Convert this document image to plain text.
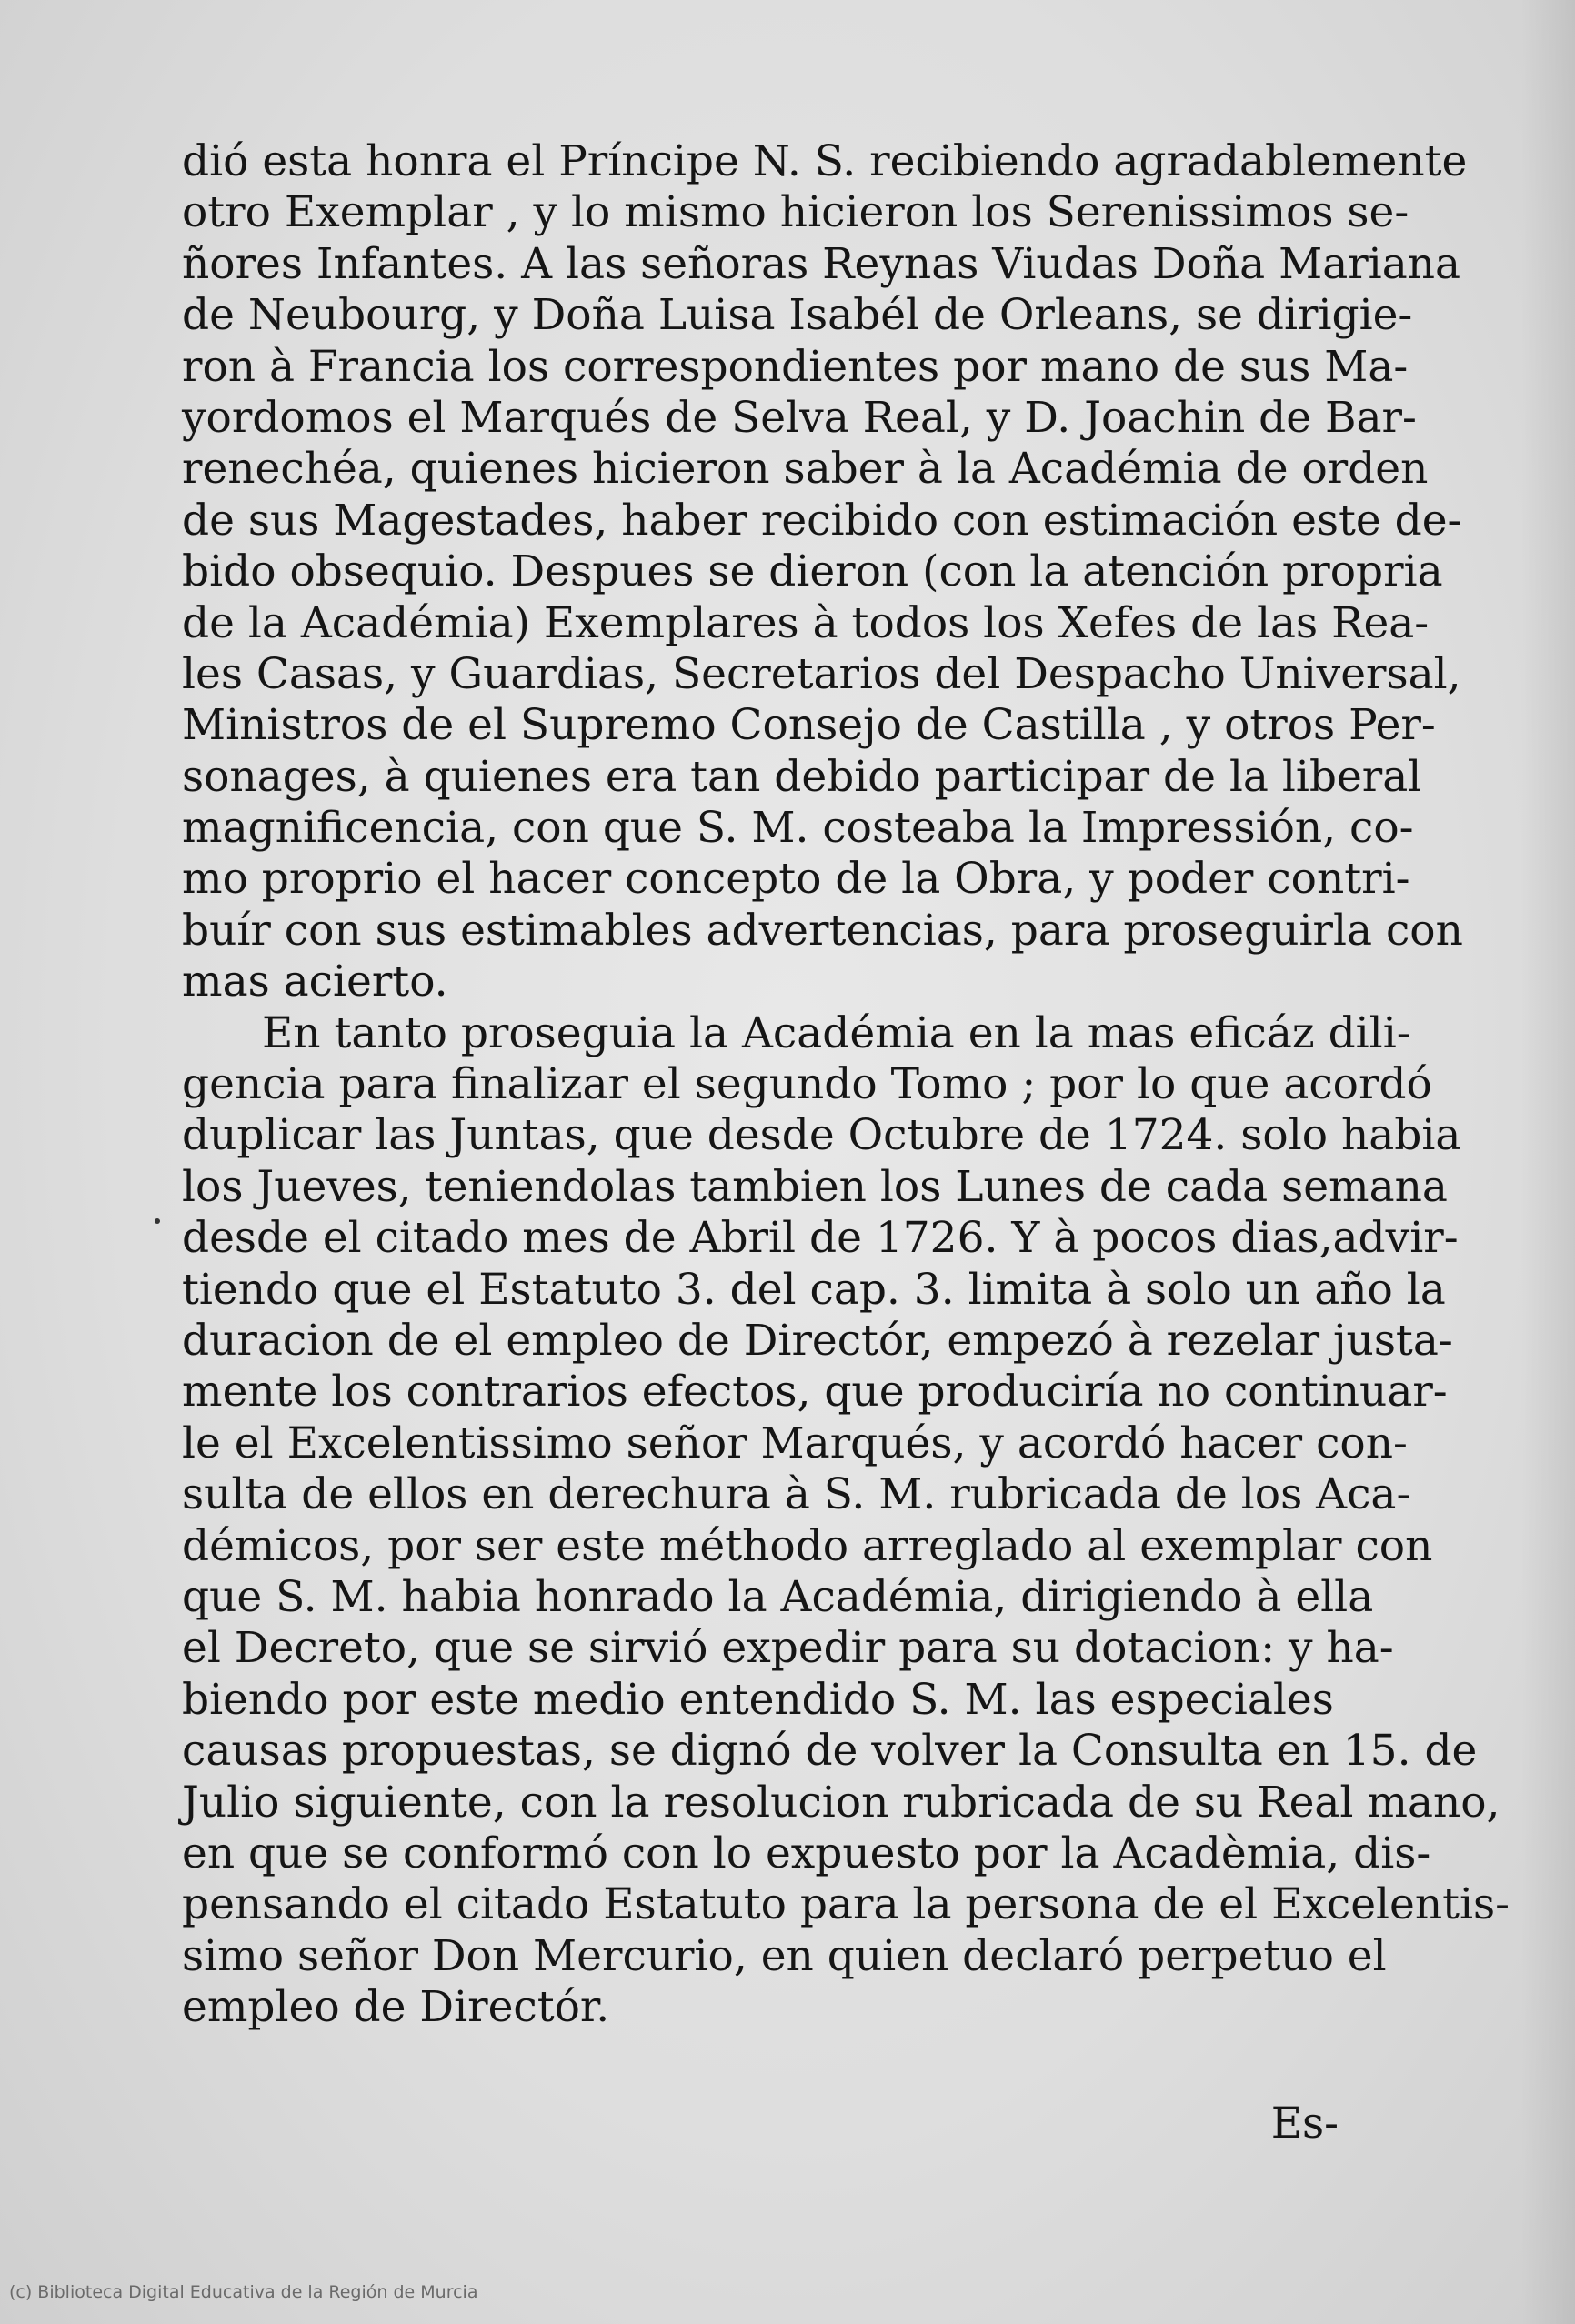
dió esta honra el Príncipe N. S. recibiendo agradablemente
otro Exemplar , y lo mismo hicieron los Serenissimos se-
ñores Infantes. A las señoras Reynas Viudas Doña Mariana
de Neubourg, y Doña Luisa Isabél de Orleans, se dirigie-
ron à Francia los correspondientes por mano de sus Ma-
yordomos el Marqués de Selva Real, y D. Joachin de Bar-
renechéa, quienes hicieron saber à la Académia de orden
de sus Magestades, haber recibido con estimación este de-
bido obsequio. Despues se dieron (con la atención propria
de la Académia) Exemplares à todos los Xefes de las Rea-
les Casas, y Guardias, Secretarios del Despacho Universal,
Ministros de el Supremo Consejo de Castilla , y otros Per-
sonages, à quienes era tan debido participar de la liberal
magnificencia, con que S. M. costeaba la Impressión, co-
mo proprio el hacer concepto de la Obra, y poder contri-
buír con sus estimables advertencias, para proseguirla con
mas acierto.
En tanto proseguia la Académia en la mas eficáz dili-
gencia para finalizar el segundo Tomo ; por lo que acordó
duplicar las Juntas, que desde Octubre de 1724. solo habia
los Jueves, teniendolas tambien los Lunes de cada semana
desde el citado mes de Abril de 1726. Y à pocos dias,advir-
tiendo que el Estatuto 3. del cap. 3. limita à solo un año la
duracion de el empleo de Directór, empezó à rezelar justa-
mente los contrarios efectos, que produciría no continuar-
le el Excelentissimo señor Marqués, y acordó hacer con-
sulta de ellos en derechura à S. M. rubricada de los Aca-
démicos, por ser este méthodo arreglado al exemplar con
que S. M. habia honrado la Académia, dirigiendo à ella
el Decreto, que se sirvió expedir para su dotacion: y ha-
biendo por este medio entendido S. M. las especiales
causas propuestas, se dignó de volver la Consulta en 15. de
Julio siguiente, con la resolucion rubricada de su Real mano,
en que se conformó con lo expuesto por la Acadèmia, dis-
pensando el citado Estatuto para la persona de el Excelentis-
simo señor Don Mercurio, en quien declaró perpetuo el
empleo de Directór.
Es-
(c) Biblioteca Digital Educativa de la Región de Murcia
